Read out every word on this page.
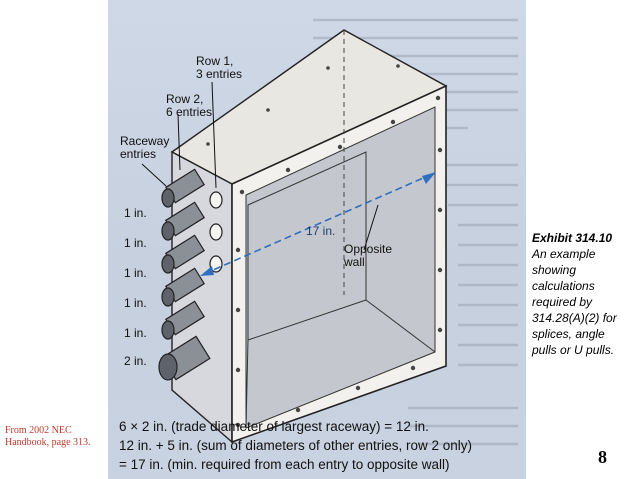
Row 1,
3 entries
Row 2,
6 entries
Raceway
entries
Opposite
wall
17 in.
1 in.
1 in.
1 in.
1 in.
1 in.
2 in.
6 × 2 in. (trade diameter of largest raceway) = 12 in.
12 in. + 5 in. (sum of diameters of other entries, row 2 only)
= 17 in. (min. required from each entry to opposite wall)
Exhibit 314.10
An example showing calculations required by 314.28(A)(2) for splices, angle pulls or U pulls.
From 2002 NEC Handbook, page 313.
8
